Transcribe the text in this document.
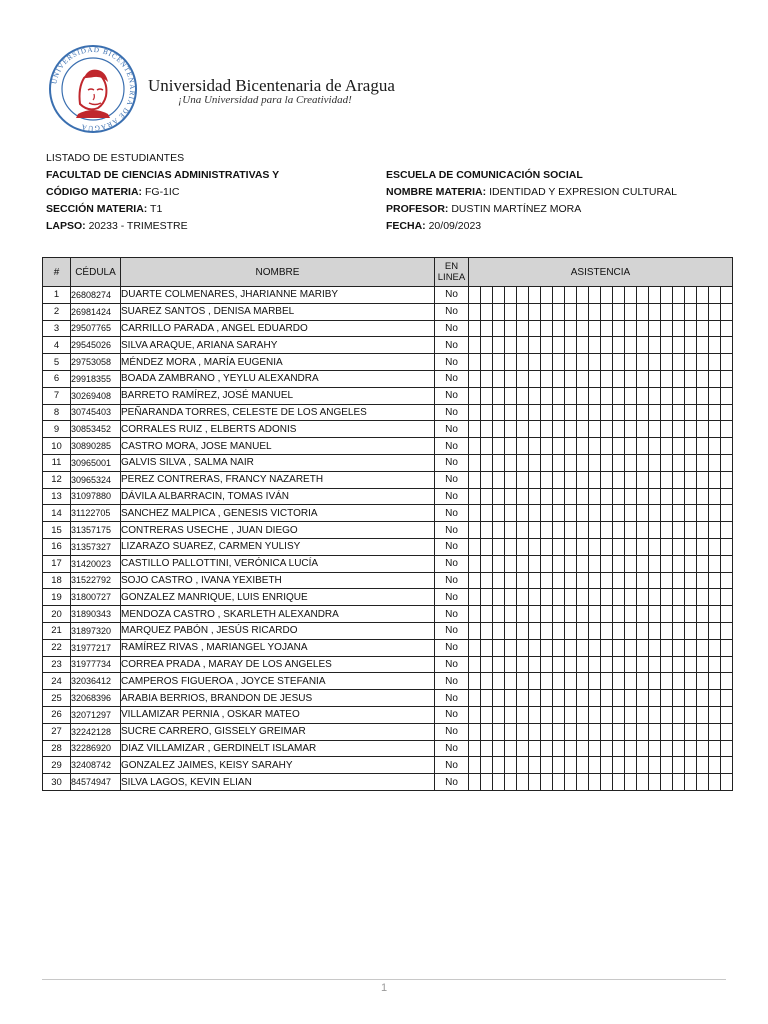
UNIVERSIDAD BICENTENARIA DE ARAGUA
Universidad Bicentenaria de Aragua
¡Una Universidad para la Creatividad!
LISTADO DE ESTUDIANTES
FACULTAD DE CIENCIAS ADMINISTRATIVAS Y
CÓDIGO MATERIA: FG-1IC
SECCIÓN MATERIA: T1
LAPSO: 20233 - TRIMESTRE
ESCUELA DE COMUNICACIÓN SOCIAL
NOMBRE MATERIA: IDENTIDAD Y EXPRESION CULTURAL
PROFESOR: DUSTIN MARTÍNEZ MORA
FECHA: 20/09/2023
#	CÉDULA	NOMBRE	EN LINEA	ASISTENCIA																					
1	26808274	DUARTE COLMENARES, JHARIANNE MARIBY	No																						
2	26981424	SUAREZ SANTOS , DENISA MARBEL	No																						
3	29507765	CARRILLO PARADA , ANGEL EDUARDO	No																						
4	29545026	SILVA ARAQUE, ARIANA SARAHY	No																						
5	29753058	MÉNDEZ MORA , MARÍA EUGENIA	No																						
6	29918355	BOADA ZAMBRANO , YEYLU ALEXANDRA	No																						
7	30269408	BARRETO RAMÍREZ, JOSÉ MANUEL	No																						
8	30745403	PEÑARANDA TORRES, CELESTE DE LOS ANGELES	No																						
9	30853452	CORRALES RUIZ , ELBERTS ADONIS	No																						
10	30890285	CASTRO MORA, JOSE MANUEL	No																						
11	30965001	GALVIS SILVA , SALMA NAIR	No																						
12	30965324	PEREZ CONTRERAS, FRANCY NAZARETH	No																						
13	31097880	DÁVILA ALBARRACIN, TOMAS IVÁN	No																						
14	31122705	SANCHEZ MALPICA , GENESIS VICTORIA	No																						
15	31357175	CONTRERAS USECHE , JUAN DIEGO	No																						
16	31357327	LIZARAZO SUAREZ, CARMEN YULISY	No																						
17	31420023	CASTILLO PALLOTTINI, VERÓNICA LUCÍA	No																						
18	31522792	SOJO CASTRO , IVANA YEXIBETH	No																						
19	31800727	GONZALEZ MANRIQUE, LUIS ENRIQUE	No																						
20	31890343	MENDOZA CASTRO , SKARLETH ALEXANDRA	No																						
21	31897320	MARQUEZ PABÓN , JESÚS RICARDO	No																						
22	31977217	RAMÍREZ RIVAS , MARIANGEL YOJANA	No																						
23	31977734	CORREA PRADA , MARAY DE LOS ANGELES	No																						
24	32036412	CAMPEROS FIGUEROA , JOYCE STEFANIA	No																						
25	32068396	ARABIA BERRIOS, BRANDON DE JESUS	No																						
26	32071297	VILLAMIZAR PERNIA , OSKAR MATEO	No																						
27	32242128	SUCRE CARRERO, GISSELY GREIMAR	No																						
28	32286920	DIAZ VILLAMIZAR , GERDINELT ISLAMAR	No																						
29	32408742	GONZALEZ JAIMES, KEISY SARAHY	No																						
30	84574947	SILVA LAGOS, KEVIN ELIAN	No																						
1
